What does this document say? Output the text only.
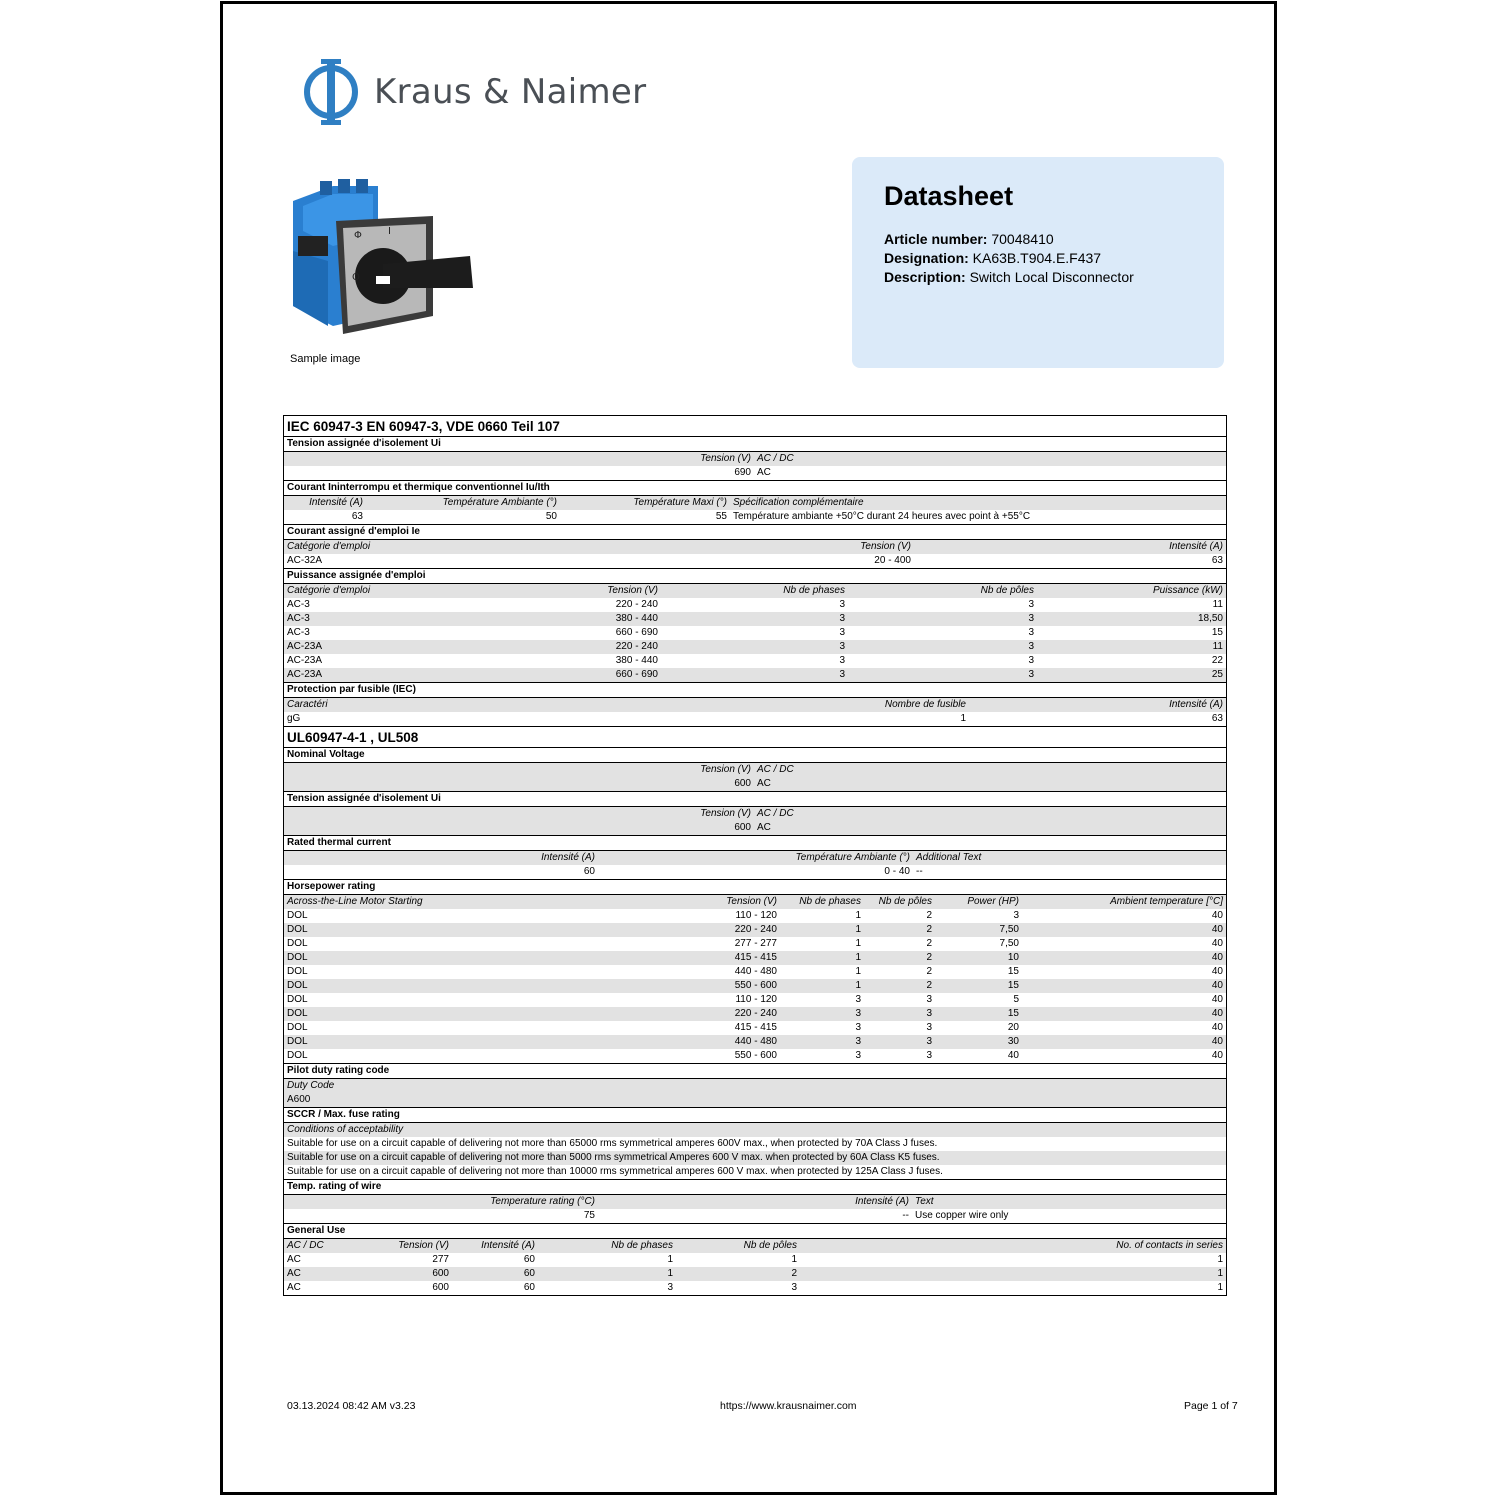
Kraus & Naimer
Φ	I
O
Sample image
Datasheet
Article number: 70048410
Designation: KA63B.T904.E.F437
Description: Switch Local Disconnector
IEC 60947-3 EN 60947-3, VDE 0660 Teil 107
Tension assignée d'isolement Ui
Tension (V)	AC / DC
690	AC
Courant Ininterrompu et thermique conventionnel Iu/Ith
Intensité (A)	Température Ambiante (°)	Température Maxi (°)	Spécification complémentaire
63	50	55	Température ambiante +50°C durant 24 heures avec point à +55°C
Courant assigné d'emploi Ie
Catégorie d'emploi	Tension (V)	Intensité (A)
AC-32A	20 - 400	63
Puissance assignée d'emploi
Catégorie d'emploi	Tension (V)	Nb de phases	Nb de pôles	Puissance (kW)
AC-3	220 - 240	3	3	11
AC-3	380 - 440	3	3	18,50
AC-3	660 - 690	3	3	15
AC-23A	220 - 240	3	3	11
AC-23A	380 - 440	3	3	22
AC-23A	660 - 690	3	3	25
Protection par fusible (IEC)
Caractéri	Nombre de fusible	Intensité (A)
gG	1	63
UL60947-4-1 , UL508
Nominal Voltage
Tension (V)	AC / DC
600	AC
Tension assignée d'isolement Ui
Tension (V)	AC / DC
600	AC
Rated thermal current
Intensité (A)	Température Ambiante (°)	Additional Text
60	0 - 40	--
Horsepower rating
Across-the-Line Motor Starting	Tension (V)	Nb de phases	Nb de pôles	Power (HP)	Ambient temperature [°C]
DOL	110 - 120	1	2	3	40
DOL	220 - 240	1	2	7,50	40
DOL	277 - 277	1	2	7,50	40
DOL	415 - 415	1	2	10	40
DOL	440 - 480	1	2	15	40
DOL	550 - 600	1	2	15	40
DOL	110 - 120	3	3	5	40
DOL	220 - 240	3	3	15	40
DOL	415 - 415	3	3	20	40
DOL	440 - 480	3	3	30	40
DOL	550 - 600	3	3	40	40
Pilot duty rating code
Duty Code
A600
SCCR / Max. fuse rating
Conditions of acceptability
Suitable for use on a circuit capable of delivering not more than 65000 rms symmetrical amperes 600V max., when protected by 70A Class J fuses.
Suitable for use on a circuit capable of delivering not more than 5000 rms symmetrical Amperes 600 V max. when protected by 60A Class K5 fuses.
Suitable for use on a circuit capable of delivering not more than 10000 rms symmetrical amperes 600 V max. when protected by 125A Class J fuses.
Temp. rating of wire
Temperature rating (°C)	Intensité (A)	Text
75	--	Use copper wire only
General Use
AC / DC	Tension (V)	Intensité (A)	Nb de phases	Nb de pôles	No. of contacts in series
AC	277	60	1	1	1
AC	600	60	1	2	1
AC	600	60	3	3	1
03.13.2024 08:42 AM v3.23	https://www.krausnaimer.com	Page 1 of 7
